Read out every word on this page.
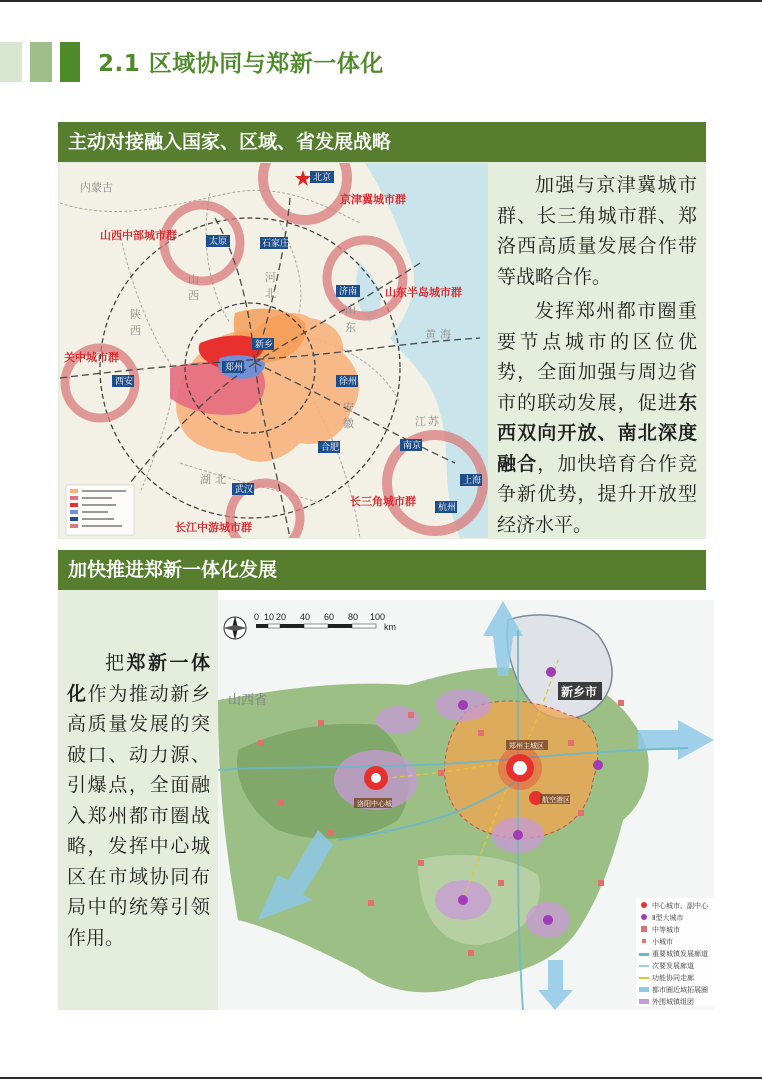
2.1 区域协同与郑新一体化
主动对接融入国家、区域、省发展战略
内蒙古
山
西
河
北
陕
西
山
东
安
徽	江 苏
湖 北
黄 海
北京
太原	石家庄
济南
新乡
郑州
西安	徐州
合肥
武汉
南京
上海
杭州
京津冀城市群
山西中部城市群
山东半岛城市群
关中城市群
长三角城市群
长江中游城市群

加强与京津冀城市群、长三角城市群、郑洛西高质量发展合作带等战略合作。

发挥郑州都市圈重要节点城市的区位优势，全面加强与周边省市的联动发展，促进东西双向开放、南北深度融合，加快培育合作竞争新优势，提升开放型经济水平。

加快推进郑新一体化发展

把郑新一体化作为推动新乡高质量发展的突破口、动力源、引爆点，全面融入郑州都市圈战略，发挥中心城区在市域协同布局中的统筹引领作用。

0 10 20 40 60 80 100
km
山西省	新乡市
郑州主城区
洛阳中心城
航空港区
中心城市、副中心
Ⅱ型大城市
中等城市
小城市
重要城镇发展廊道
次要发展廊道
功能协同走廊
都市圈近域拓展圈
外围城镇组团
